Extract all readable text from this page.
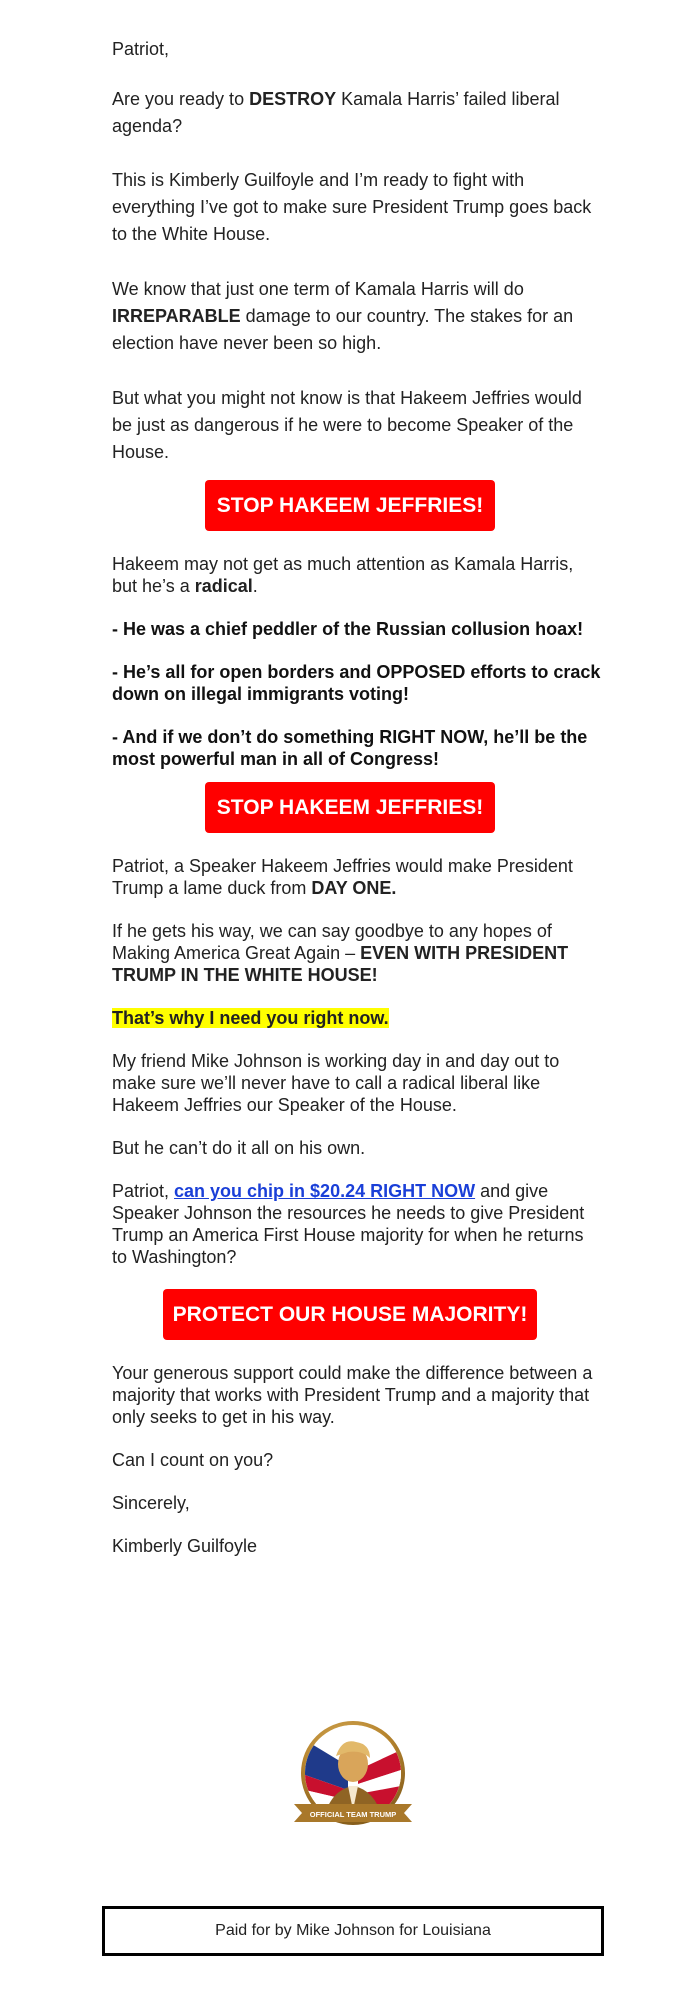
Patriot,

Are you ready to DESTROY Kamala Harris’ failed liberal agenda?

This is Kimberly Guilfoyle and I’m ready to fight with everything I’ve got to make sure President Trump goes back to the White House.

We know that just one term of Kamala Harris will do IRREPARABLE damage to our country. The stakes for an election have never been so high.

But what you might not know is that Hakeem Jeffries would be just as dangerous if he were to become Speaker of the House.

STOP HAKEEM JEFFRIES!

Hakeem may not get as much attention as Kamala Harris, but he’s a radical.

- He was a chief peddler of the Russian collusion hoax!

- He’s all for open borders and OPPOSED efforts to crack down on illegal immigrants voting!

- And if we don’t do something RIGHT NOW, he’ll be the most powerful man in all of Congress!

STOP HAKEEM JEFFRIES!

Patriot, a Speaker Hakeem Jeffries would make President Trump a lame duck from DAY ONE.

If he gets his way, we can say goodbye to any hopes of Making America Great Again – EVEN WITH PRESIDENT TRUMP IN THE WHITE HOUSE!

That’s why I need you right now.

My friend Mike Johnson is working day in and day out to make sure we’ll never have to call a radical liberal like Hakeem Jeffries our Speaker of the House.

But he can’t do it all on his own.

Patriot, can you chip in $20.24 RIGHT NOW and give Speaker Johnson the resources he needs to give President Trump an America First House majority for when he returns to Washington?

PROTECT OUR HOUSE MAJORITY!

Your generous support could make the difference between a majority that works with President Trump and a majority that only seeks to get in his way.

Can I count on you?

Sincerely,

Kimberly Guilfoyle

OFFICIAL TEAM TRUMP
Paid for by Mike Johnson for Louisiana
